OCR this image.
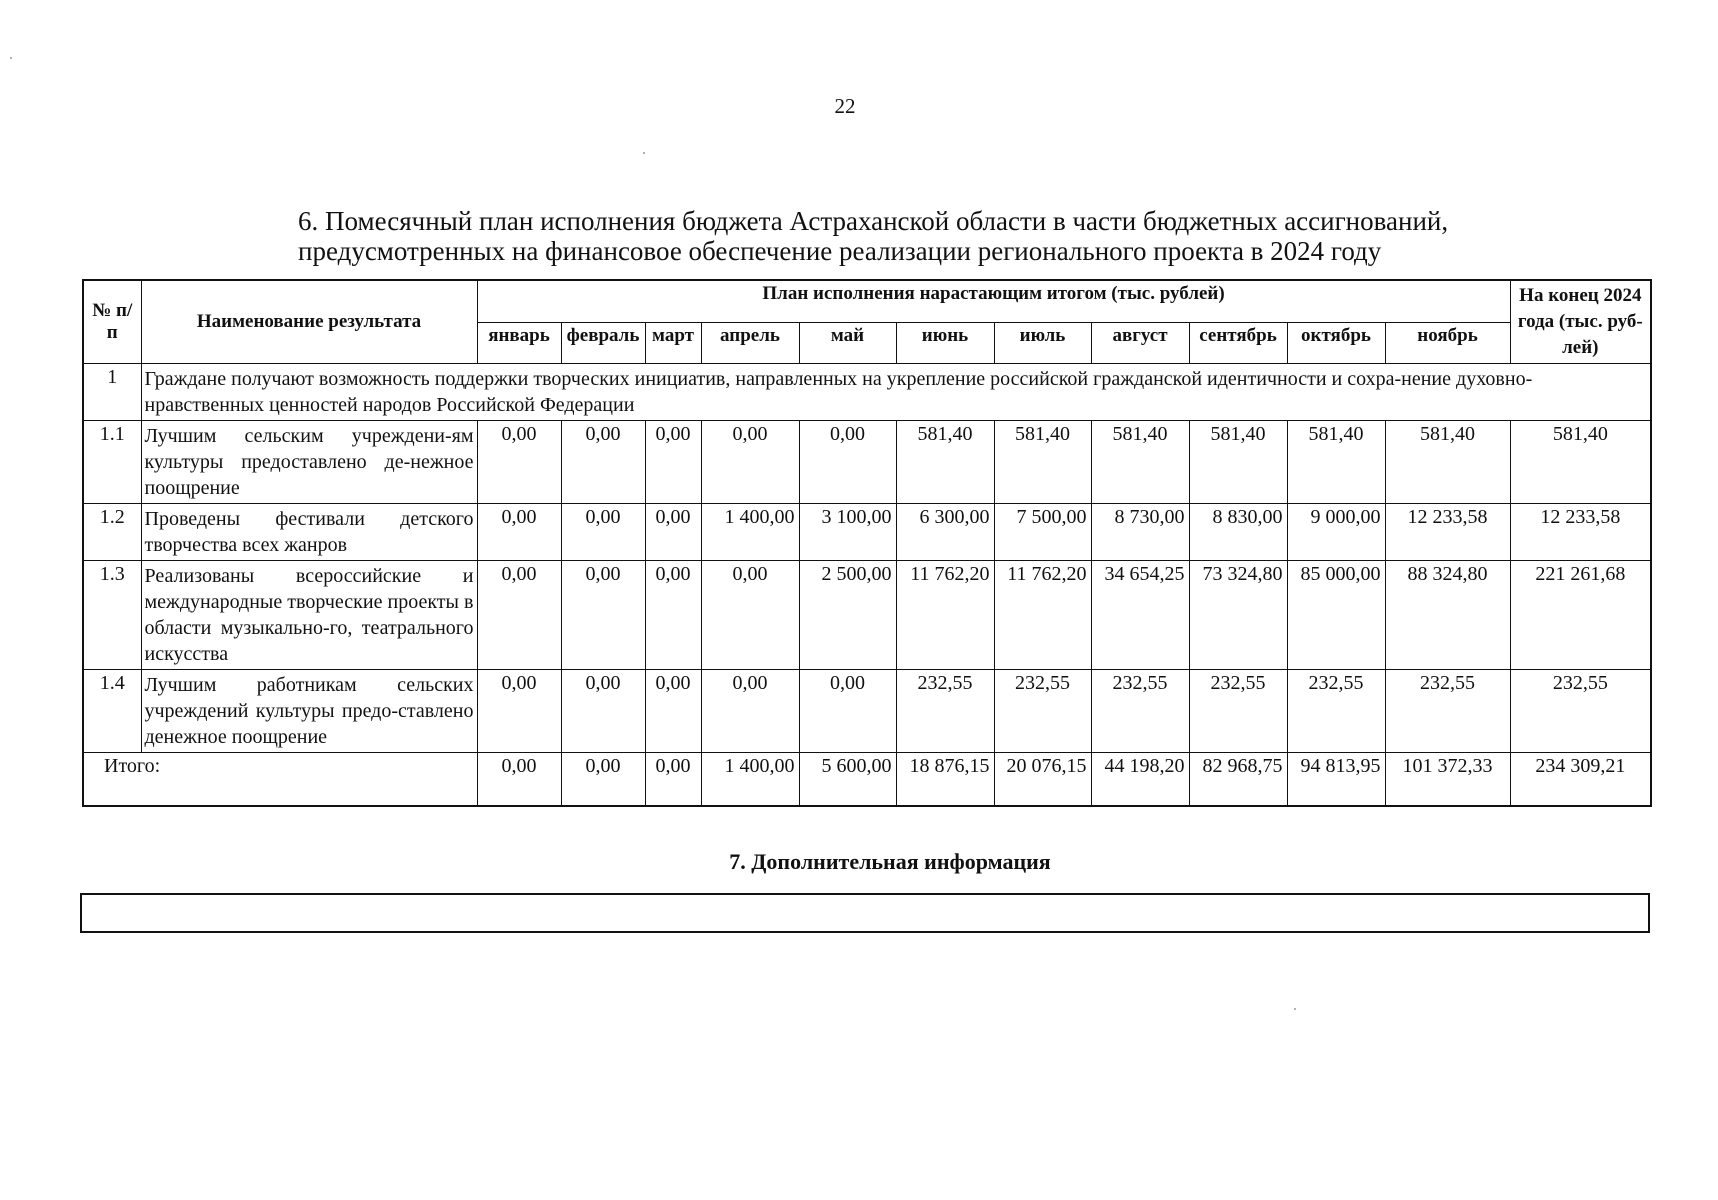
22
6. Помесячный план исполнения бюджета Астраханской области в части бюджетных ассигнований,
предусмотренных на финансовое обеспечение реализации регионального проекта в 2024 году
№ п/п	Наименование результата	План исполнения нарастающим итогом (тыс. рублей)											На конец 2024 года (тыс. руб-лей)
		январь	февраль	март	апрель	май	июнь	июль	август	сентябрь	октябрь	ноябрь	
1	Граждане получают возможность поддержки творческих инициатив, направленных на укрепление российской гражданской идентичности и сохра-нение духовно-нравственных ценностей народов Российской Федерации												
1.1	Лучшим сельским учреждени-ям культуры предоставлено де-нежное поощрение	0,00	0,00	0,00	0,00	0,00	581,40	581,40	581,40	581,40	581,40	581,40	581,40
1.2	Проведены фестивали детского творчества всех жанров	0,00	0,00	0,00	1 400,00	3 100,00	6 300,00	7 500,00	8 730,00	8 830,00	9 000,00	12 233,58	12 233,58
1.3	Реализованы всероссийские и международные творческие проекты в области музыкально-го, театрального искусства	0,00	0,00	0,00	0,00	2 500,00	11 762,20	11 762,20	34 654,25	73 324,80	85 000,00	88 324,80	221 261,68
1.4	Лучшим работникам сельских учреждений культуры предо-ставлено денежное поощрение	0,00	0,00	0,00	0,00	0,00	232,55	232,55	232,55	232,55	232,55	232,55	232,55
Итого:		0,00	0,00	0,00	1 400,00	5 600,00	18 876,15	20 076,15	44 198,20	82 968,75	94 813,95	101 372,33	234 309,21
7. Дополнительная информация
